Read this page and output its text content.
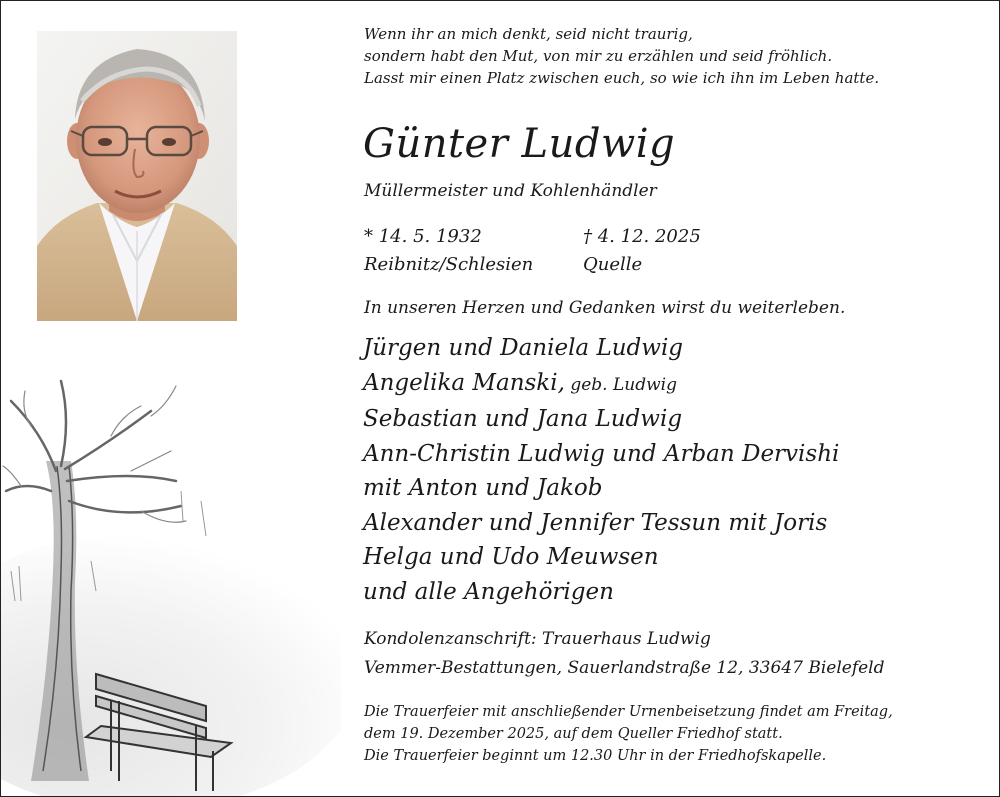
Wenn ihr an mich denkt, seid nicht traurig,
sondern habt den Mut, von mir zu erzählen und seid fröhlich.
Lasst mir einen Platz zwischen euch, so wie ich ihn im Leben hatte.
Günter Ludwig
Müllermeister und Kohlenhändler
* 14. 5. 1932
Reibnitz/Schlesien
† 4. 12. 2025
Quelle
In unseren Herzen und Gedanken wirst du weiterleben.
Jürgen und Daniela Ludwig
Angelika Manski, geb. Ludwig
Sebastian und Jana Ludwig
Ann-Christin Ludwig und Arban Dervishi
mit Anton und Jakob
Alexander und Jennifer Tessun mit Joris
Helga und Udo Meuwsen
und alle Angehörigen
Kondolenzanschrift: Trauerhaus Ludwig
Vemmer-Bestattungen, Sauerlandstraße 12, 33647 Bielefeld
Die Trauerfeier mit anschließender Urnenbeisetzung findet am Freitag,
dem 19. Dezember 2025, auf dem Queller Friedhof statt.
Die Trauerfeier beginnt um 12.30 Uhr in der Friedhofskapelle.
